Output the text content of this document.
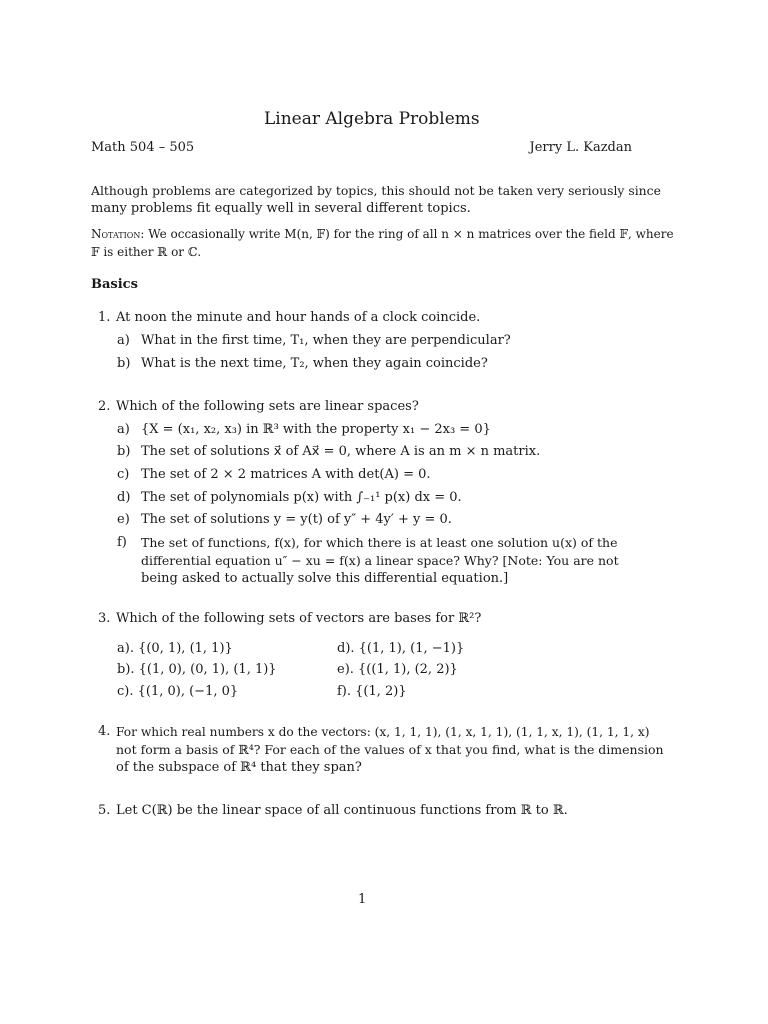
Linear Algebra Problems
Math 504 – 505	Jerry L. Kazdan
Although problems are categorized by topics, this should not be taken very seriously since
many problems fit equally well in several different topics.
Notation: We occasionally write M(n, 𝔽) for the ring of all n × n matrices over the field 𝔽, where
𝔽 is either ℝ or ℂ.
Basics
1. At noon the minute and hour hands of a clock coincide.
a) What in the first time, T₁, when they are perpendicular?
b) What is the next time, T₂, when they again coincide?
2. Which of the following sets are linear spaces?
a) {X = (x₁, x₂, x₃) in ℝ³ with the property x₁ − 2x₃ = 0}
b) The set of solutions x⃗ of Ax⃗ = 0, where A is an m × n matrix.
c) The set of 2 × 2 matrices A with det(A) = 0.
d) The set of polynomials p(x) with ∫₋₁¹ p(x) dx = 0.
e) The set of solutions y = y(t) of y″ + 4y′ + y = 0.
f) The set of functions, f(x), for which there is at least one solution u(x) of the
differential equation u″ − xu = f(x) a linear space? Why? [Note: You are not
being asked to actually solve this differential equation.]
3. Which of the following sets of vectors are bases for ℝ²?
a). {(0, 1), (1, 1)}
b). {(1, 0), (0, 1), (1, 1)}
c). {(1, 0), (−1, 0}
d). {(1, 1), (1, −1)}
e). {((1, 1), (2, 2)}
f). {(1, 2)}
4. For which real numbers x do the vectors: (x, 1, 1, 1), (1, x, 1, 1), (1, 1, x, 1), (1, 1, 1, x)
not form a basis of ℝ⁴? For each of the values of x that you find, what is the dimension
of the subspace of ℝ⁴ that they span?
5. Let C(ℝ) be the linear space of all continuous functions from ℝ to ℝ.
1
